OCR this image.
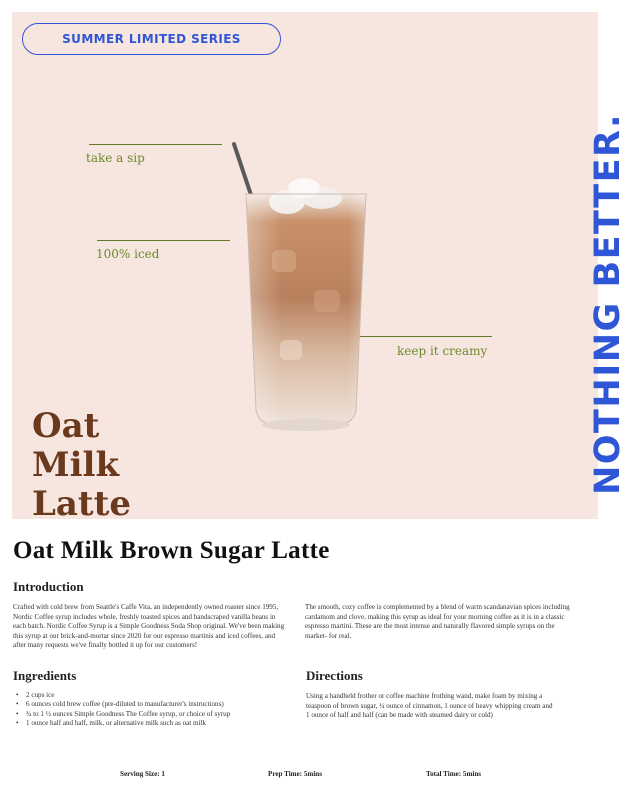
SUMMER LIMITED SERIES
take a sip
100% iced
keep it creamy
Oat
Milk
Latte
NOTHING BETTER.
Oat Milk Brown Sugar Latte
Introduction

Crafted with cold brew from Seattle's Caffe Vita, an independently owned roaster since 1995, Nordic Coffee syrup includes whole, freshly toasted spices and handscraped vanilla beans in each batch. Nordic Coffee Syrup is a Simple Goodness Soda Shop original. We've been making this syrup at our brick-and-mortar since 2020 for our espresso martinis and iced coffees, and after many requests we've finally bottled it up for our customers!

The smooth, cozy coffee is complemented by a blend of warm scandanavian spices including cardamom and clove, making this syrup as ideal for your morning coffee as it is in a classic espresso martini. These are the most intense and naturally flavored simple syrups on the market- for real.

Ingredients
• 2 cups ice
• 6 ounces cold brew coffee (pre-diluted to manufacturer's instructions)
• ¾ to 1 ½ ounces Simple Goodness The Coffee syrup, or choice of syrup
• 1 ounce half and half, milk, or alternative milk such as oat milk
Directions

Using a handheld frother or coffee machine frothing wand, make foam by mixing a teaspoon of brown sugar, ¼ ounce of cinnamon, 1 ounce of heavy whipping cream and 1 ounce of half and half (can be made with steamed dairy or cold)

Serving Size: 1	Prep Time: 5mins	Total Time: 5mins
